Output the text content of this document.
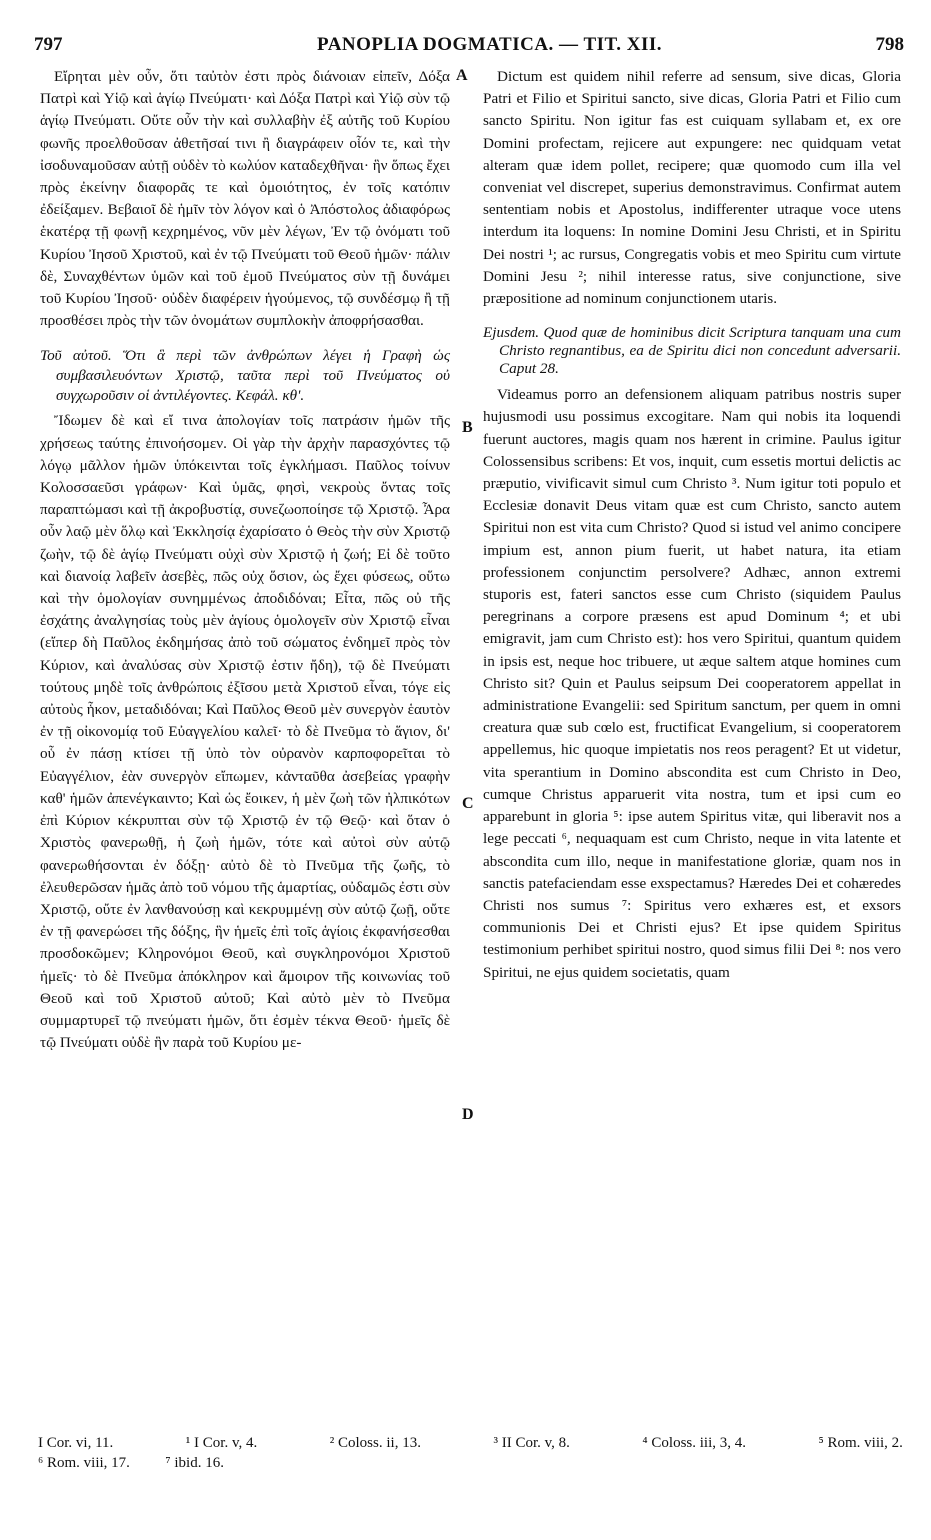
797	PANOPLIA DOGMATICA. — TIT. XII.	798

Εἴρηται μὲν οὖν, ὅτι ταὐτὸν ἐστι πρὸς διάνοιαν εἰπεῖν, Δόξα Πατρὶ καὶ Υἱῷ καὶ ἁγίῳ Πνεύματι· καὶ Δόξα Πατρὶ καὶ Υἱῷ σὺν τῷ ἁγίῳ Πνεύματι. Οὔτε οὖν τὴν καὶ συλλαβὴν ἐξ αὐτῆς τοῦ Κυρίου φωνῆς προελθοῦσαν ἀθετῆσαί τινι ἢ διαγράφειν οἷόν τε, καὶ τὴν ἰσοδυναμοῦσαν αὐτῇ οὐδὲν τὸ κωλύον καταδεχθῆναι· ἣν ὅπως ἔχει πρὸς ἐκείνην διαφορᾶς τε καὶ ὁμοιότητος, ἐν τοῖς κατόπιν ἐδείξαμεν. Βεβαιοῖ δὲ ἡμῖν τὸν λόγον καὶ ὁ Ἀπόστολος ἀδιαφόρως ἑκατέρᾳ τῇ φωνῇ κεχρημένος, νῦν μὲν λέγων, Ἐν τῷ ὀνόματι τοῦ Κυρίου Ἰησοῦ Χριστοῦ, καὶ ἐν τῷ Πνεύματι τοῦ Θεοῦ ἡμῶν· πάλιν δὲ, Συναχθέντων ὑμῶν καὶ τοῦ ἐμοῦ Πνεύματος σὺν τῇ δυνάμει τοῦ Κυρίου Ἰησοῦ· οὐδὲν διαφέρειν ἡγούμενος, τῷ συνδέσμῳ ἢ τῇ προσθέσει πρὸς τὴν τῶν ὀνομάτων συμπλοκὴν ἀποφρήσασθαι.

Τοῦ αὐτοῦ. Ὅτι ἃ περὶ τῶν ἀνθρώπων λέγει ἡ Γραφὴ ὡς συμβασιλευόντων Χριστῷ, ταῦτα περὶ τοῦ Πνεύματος οὐ συγχωροῦσιν οἱ ἀντιλέγοντες. Κεφάλ. κθ'.

Ἴδωμεν δὲ καὶ εἴ τινα ἀπολογίαν τοῖς πατράσιν ἡμῶν τῆς χρήσεως ταύτης ἐπινοήσομεν. Οἱ γὰρ τὴν ἀρχὴν παρασχόντες τῷ λόγῳ μᾶλλον ἡμῶν ὑπόκεινται τοῖς ἐγκλήμασι. Παῦλος τοίνυν Κολοσσαεῦσι γράφων· Καὶ ὑμᾶς, φησὶ, νεκροὺς ὄντας τοῖς παραπτώμασι καὶ τῇ ἀκροβυστίᾳ, συνεζωοποίησε τῷ Χριστῷ. Ἆρα οὖν λαῷ μὲν ὅλῳ καὶ Ἐκκλησίᾳ ἐχαρίσατο ὁ Θεὸς τὴν σὺν Χριστῷ ζωὴν, τῷ δὲ ἁγίῳ Πνεύματι οὐχὶ σὺν Χριστῷ ἡ ζωή; Εἰ δὲ τοῦτο καὶ διανοίᾳ λαβεῖν ἀσεβὲς, πῶς οὐχ ὅσιον, ὡς ἔχει φύσεως, οὕτω καὶ τὴν ὁμολογίαν συνημμένως ἀποδιδόναι; Εἶτα, πῶς οὐ τῆς ἐσχάτης ἀναλγησίας τοὺς μὲν ἁγίους ὁμολογεῖν σὺν Χριστῷ εἶναι (εἴπερ δὴ Παῦλος ἐκδημήσας ἀπὸ τοῦ σώματος ἐνδημεῖ πρὸς τὸν Κύριον, καὶ ἀναλύσας σὺν Χριστῷ ἐστιν ἤδη), τῷ δὲ Πνεύματι τούτους μηδὲ τοῖς ἀνθρώποις ἐξῖσου μετὰ Χριστοῦ εἶναι, τόγε εἰς αὐτοὺς ἧκον, μεταδιδόναι; Καὶ Παῦλος Θεοῦ μὲν συνεργὸν ἑαυτὸν ἐν τῇ οἰκονομίᾳ τοῦ Εὐαγγελίου καλεῖ· τὸ δὲ Πνεῦμα τὸ ἅγιον, δι' οὗ ἐν πάσῃ κτίσει τῇ ὑπὸ τὸν οὐρανὸν καρποφορεῖται τὸ Εὐαγγέλιον, ἐὰν συνεργὸν εἴπωμεν, κἀνταῦθα ἀσεβείας γραφὴν καθ' ἡμῶν ἀπενέγκαιντο; Καὶ ὡς ἔοικεν, ἡ μὲν ζωὴ τῶν ἠλπικότων ἐπὶ Κύριον κέκρυπται σὺν τῷ Χριστῷ ἐν τῷ Θεῷ· καὶ ὅταν ὁ Χριστὸς φανερωθῇ, ἡ ζωὴ ἡμῶν, τότε καὶ αὐτοὶ σὺν αὐτῷ φανερωθήσονται ἐν δόξῃ· αὐτὸ δὲ τὸ Πνεῦμα τῆς ζωῆς, τὸ ἐλευθερῶσαν ἡμᾶς ἀπὸ τοῦ νόμου τῆς ἁμαρτίας, οὐδαμῶς ἐστι σὺν Χριστῷ, οὔτε ἐν λανθανούσῃ καὶ κεκρυμμένῃ σὺν αὐτῷ ζωῇ, οὔτε ἐν τῇ φανερώσει τῆς δόξης, ἣν ἡμεῖς ἐπὶ τοῖς ἁγίοις ἐκφανήσεσθαι προσδοκῶμεν; Κληρονόμοι Θεοῦ, καὶ συγκληρονόμοι Χριστοῦ ἡμεῖς· τὸ δὲ Πνεῦμα ἀπόκληρον καὶ ἄμοιρον τῆς κοινωνίας τοῦ Θεοῦ καὶ τοῦ Χριστοῦ αὐτοῦ; Καὶ αὐτὸ μὲν τὸ Πνεῦμα συμμαρτυρεῖ τῷ πνεύματι ἡμῶν, ὅτι ἐσμὲν τέκνα Θεοῦ· ἡμεῖς δὲ τῷ Πνεύματι οὐδὲ ἣν παρὰ τοῦ Κυρίου με-

Dictum est quidem nihil referre ad sensum, sive dicas, Gloria Patri et Filio et Spiritui sancto, sive dicas, Gloria Patri et Filio cum sancto Spiritu. Non igitur fas est cuiquam syllabam et, ex ore Domini profectam, rejicere aut expungere: nec quidquam vetat alteram quæ idem pollet, recipere; quæ quomodo cum illa vel conveniat vel discrepet, superius demonstravimus. Confirmat autem sententiam nobis et Apostolus, indifferenter utraque voce utens interdum ita loquens: In nomine Domini Jesu Christi, et in Spiritu Dei nostri ¹; ac rursus, Congregatis vobis et meo Spiritu cum virtute Domini Jesu ²; nihil interesse ratus, sive conjunctione, sive præpositione ad nominum conjunctionem utaris.

Ejusdem. Quod quæ de hominibus dicit Scriptura tanquam una cum Christo regnantibus, ea de Spiritu dici non concedunt adversarii. Caput 28.

Videamus porro an defensionem aliquam patribus nostris super hujusmodi usu possimus excogitare. Nam qui nobis ita loquendi fuerunt auctores, magis quam nos hærent in crimine. Paulus igitur Colossensibus scribens: Et vos, inquit, cum essetis mortui delictis ac præputio, vivificavit simul cum Christo ³. Num igitur toti populo et Ecclesiæ donavit Deus vitam quæ est cum Christo, sancto autem Spiritui non est vita cum Christo? Quod si istud vel animo concipere impium est, annon pium fuerit, ut habet natura, ita etiam professionem conjunctim persolvere? Adhæc, annon extremi stuporis est, fateri sanctos esse cum Christo (siquidem Paulus peregrinans a corpore præsens est apud Dominum ⁴; et ubi emigravit, jam cum Christo est): hos vero Spiritui, quantum quidem in ipsis est, neque hoc tribuere, ut æque saltem atque homines cum Christo sit? Quin et Paulus seipsum Dei cooperatorem appellat in administratione Evangelii: sed Spiritum sanctum, per quem in omni creatura quæ sub cœlo est, fructificat Evangelium, si cooperatorem appellemus, hic quoque impietatis nos reos peragent? Et ut videtur, vita sperantium in Domino abscondita est cum Christo in Deo, cumque Christus apparuerit vita nostra, tum et ipsi cum eo apparebunt in gloria ⁵: ipse autem Spiritus vitæ, qui liberavit nos a lege peccati ⁶, nequaquam est cum Christo, neque in vita latente et abscondita cum illo, neque in manifestatione gloriæ, quam nos in sanctis patefaciendam esse exspectamus? Hæredes Dei et cohæredes Christi nos sumus ⁷: Spiritus vero exhæres est, et exsors communionis Dei et Christi ejus? Et ipse quidem Spiritus testimonium perhibet spiritui nostro, quod simus filii Dei ⁸: nos vero Spiritui, ne ejus quidem societatis, quam

A
B
C
D
I Cor. vi, 11.	¹ I Cor. v, 4.	² Coloss. ii, 13.	³ II Cor. v, 8.	⁴ Coloss. iii, 3, 4.	⁵ Rom. viii, 2.
⁶ Rom. viii, 17. ⁷ ibid. 16.
